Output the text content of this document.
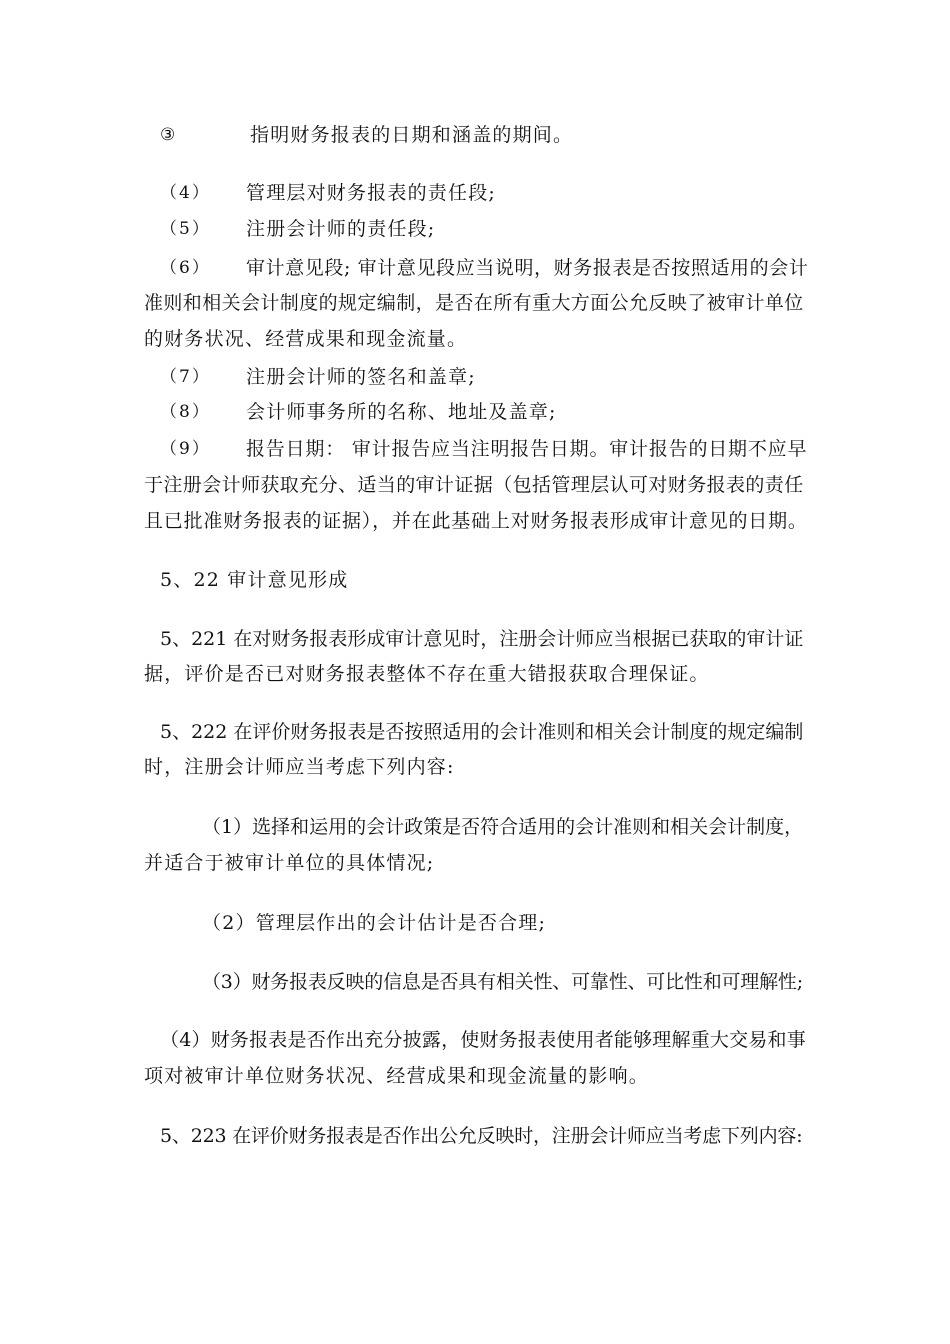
③	指明财务报表的日期和涵盖的期间。
（4） 管理层对财务报表的责任段;
（5） 注册会计师的责任段;
（6） 审计意见段; 审计意见段应当说明，财务报表是否按照适用的会计
准则和相关会计制度的规定编制，是否在所有重大方面公允反映了被审计单位
的财务状况、经营成果和现金流量。
（7） 注册会计师的签名和盖章;
（8） 会计师事务所的名称、地址及盖章;
（9） 报告日期： 审计报告应当注明报告日期。审计报告的日期不应早
于注册会计师获取充分、适当的审计证据（包括管理层认可对财务报表的责任
且已批准财务报表的证据），并在此基础上对财务报表形成审计意见的日期。
5、22 审计意见形成
5、221 在对财务报表形成审计意见时，注册会计师应当根据已获取的审计证
据，评价是否已对财务报表整体不存在重大错报获取合理保证。
5、222 在评价财务报表是否按照适用的会计准则和相关会计制度的规定编制
时，注册会计师应当考虑下列内容:
（1）选择和运用的会计政策是否符合适用的会计准则和相关会计制度，
并适合于被审计单位的具体情况;
（2）管理层作出的会计估计是否合理;
（3）财务报表反映的信息是否具有相关性、可靠性、可比性和可理解性;
（4）财务报表是否作出充分披露，使财务报表使用者能够理解重大交易和事
项对被审计单位财务状况、经营成果和现金流量的影响。
5、223 在评价财务报表是否作出公允反映时，注册会计师应当考虑下列内容:
